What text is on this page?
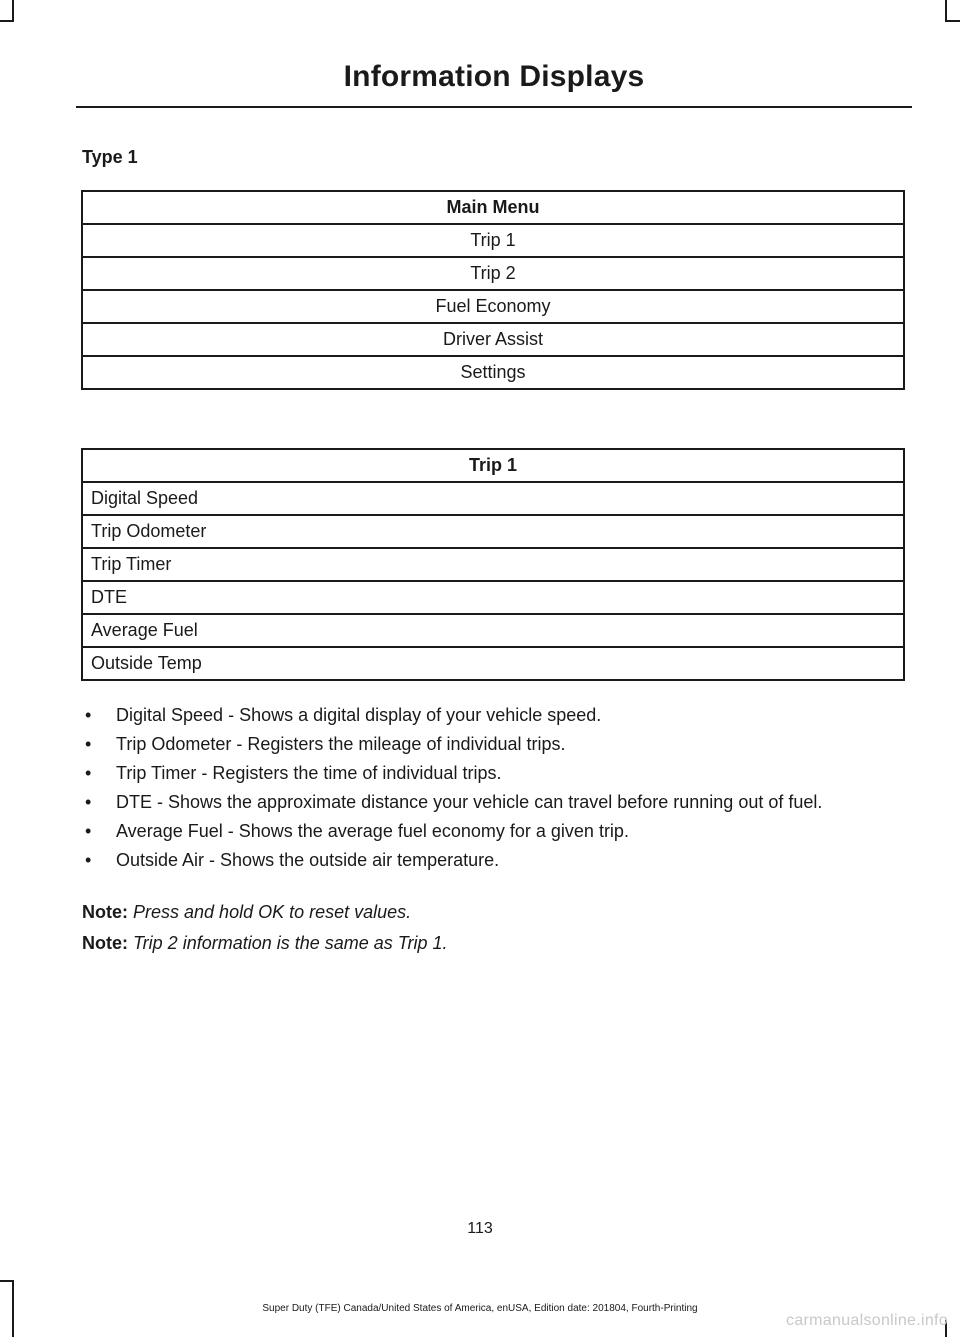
Information Displays
Type 1
Main Menu
Trip 1
Trip 2
Fuel Economy
Driver Assist
Settings
Trip 1
Digital Speed
Trip Odometer
Trip Timer
DTE
Average Fuel
Outside Temp
• Digital Speed - Shows a digital display of your vehicle speed.
• Trip Odometer - Registers the mileage of individual trips.
• Trip Timer - Registers the time of individual trips.
• DTE - Shows the approximate distance your vehicle can travel before running out of fuel.
• Average Fuel - Shows the average fuel economy for a given trip.
• Outside Air - Shows the outside air temperature.
Note: Press and hold OK to reset values.
Note: Trip 2 information is the same as Trip 1.
113
Super Duty (TFE) Canada/United States of America, enUSA, Edition date: 201804, Fourth-Printing
carmanualsonline.info
